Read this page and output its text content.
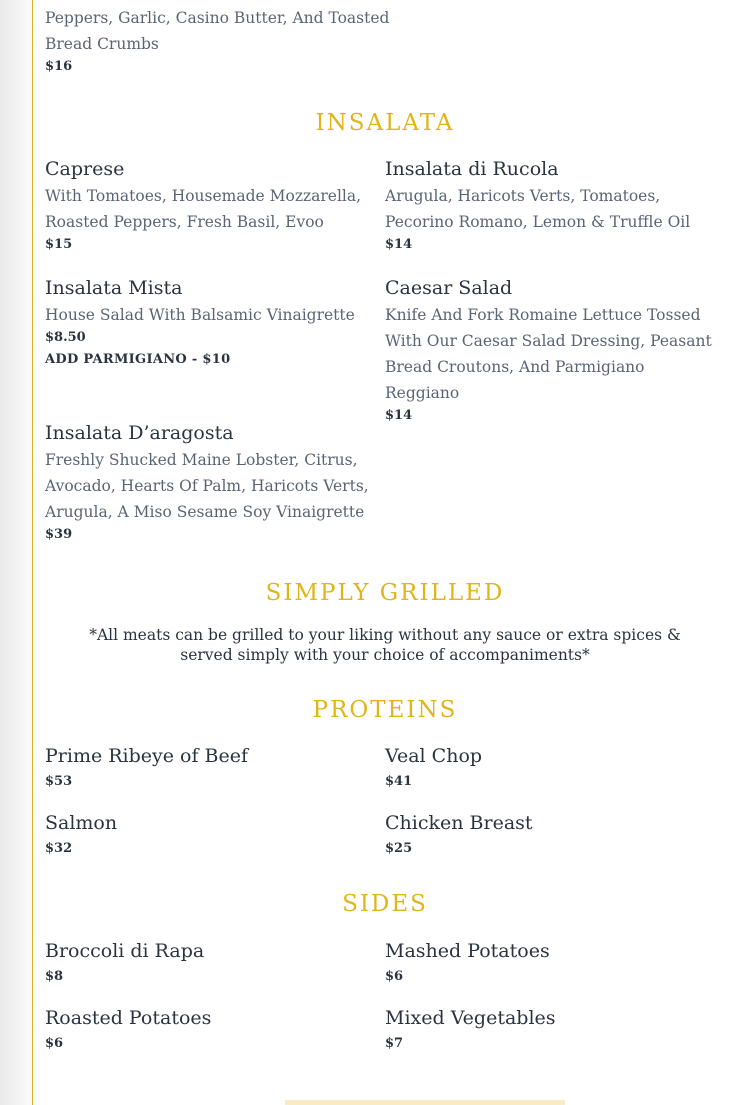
Peppers, Garlic, Casino Butter, And Toasted
Bread Crumbs
$16
INSALATA
Caprese
With Tomatoes, Housemade Mozzarella, Roasted Peppers, Fresh Basil, Evoo
$15
Insalata di Rucola
Arugula, Haricots Verts, Tomatoes, Pecorino Romano, Lemon & Truffle Oil
$14
Insalata Mista
House Salad With Balsamic Vinaigrette
$8.50
ADD PARMIGIANO - $10
Caesar Salad
Knife And Fork Romaine Lettuce Tossed With Our Caesar Salad Dressing, Peasant Bread Croutons, And Parmigiano Reggiano
$14
Insalata D’aragosta
Freshly Shucked Maine Lobster, Citrus, Avocado, Hearts Of Palm, Haricots Verts, Arugula, A Miso Sesame Soy Vinaigrette
$39
SIMPLY GRILLED
*All meats can be grilled to your liking without any sauce or extra spices &
served simply with your choice of accompaniments*
PROTEINS
Prime Ribeye of Beef
$53
Veal Chop
$41
Salmon
$32
Chicken Breast
$25
SIDES
Broccoli di Rapa
$8
Mashed Potatoes
$6
Roasted Potatoes
$6
Mixed Vegetables
$7
